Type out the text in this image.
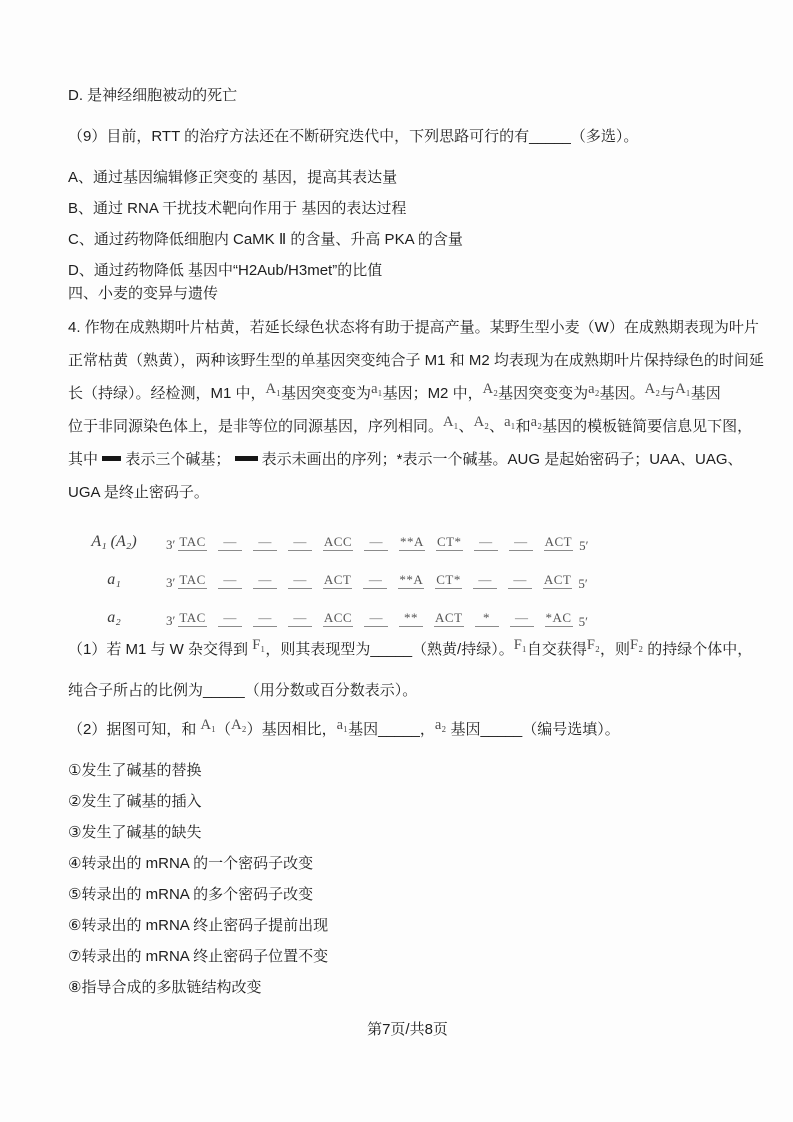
D. 是神经细胞被动的死亡
（9）目前，RTT 的治疗方法还在不断研究迭代中，下列思路可行的有_____（多选）。
A、通过基因编辑修正突变的 基因，提高其表达量
B、通过 RNA 干扰技术靶向作用于 基因的表达过程
C、通过药物降低细胞内 CaMK Ⅱ 的含量、升高 PKA 的含量
D、通过药物降低 基因中“H2Aub/H3met”的比值
四、小麦的变异与遗传
4. 作物在成熟期叶片枯黄，若延长绿色状态将有助于提高产量。某野生型小麦（W）在成熟期表现为叶片
正常枯黄（熟黄），两种该野生型的单基因突变纯合子 M1 和 M2 均表现为在成熟期叶片保持绿色的时间延
长（持绿）。经检测，M1 中，A₁基因突变变为a₁基因；M2 中，A₂基因突变变为a₂基因。A₂与A₁基因
位于非同源染色体上，是非等位的同源基因，序列相同。A₁、A₂、a₁和a₂基因的模板链简要信息见下图，
其中  表示三个碱基；  表示未画出的序列；*表示一个碱基。AUG 是起始密码子；UAA、UAG、
UGA 是终止密码子。
A₁ (A₂)	3′ TAC	—	—	—	ACC	—	**A CT*	—	—	ACT 5′
a₁	3′ TAC	—	—	—	ACT	—	**A CT*	—	—	ACT 5′
a₂	3′ TAC	—	—	—	ACC	—	**	ACT	*	—	*AC 5′
（1）若 M1 与 W 杂交得到 F₁，则其表现型为_____（熟黄/持绿）。F₁自交获得F₂，则F₂ 的持绿个体中，
纯合子所占的比例为_____（用分数或百分数表示）。
（2）据图可知，和 A₁（A₂）基因相比，a₁基因_____，a₂ 基因_____（编号选填）。
①发生了碱基的替换
②发生了碱基的插入
③发生了碱基的缺失
④转录出的 mRNA 的一个密码子改变
⑤转录出的 mRNA 的多个密码子改变
⑥转录出的 mRNA 终止密码子提前出现
⑦转录出的 mRNA 终止密码子位置不变
⑧指导合成的多肽链结构改变
第7页/共8页
